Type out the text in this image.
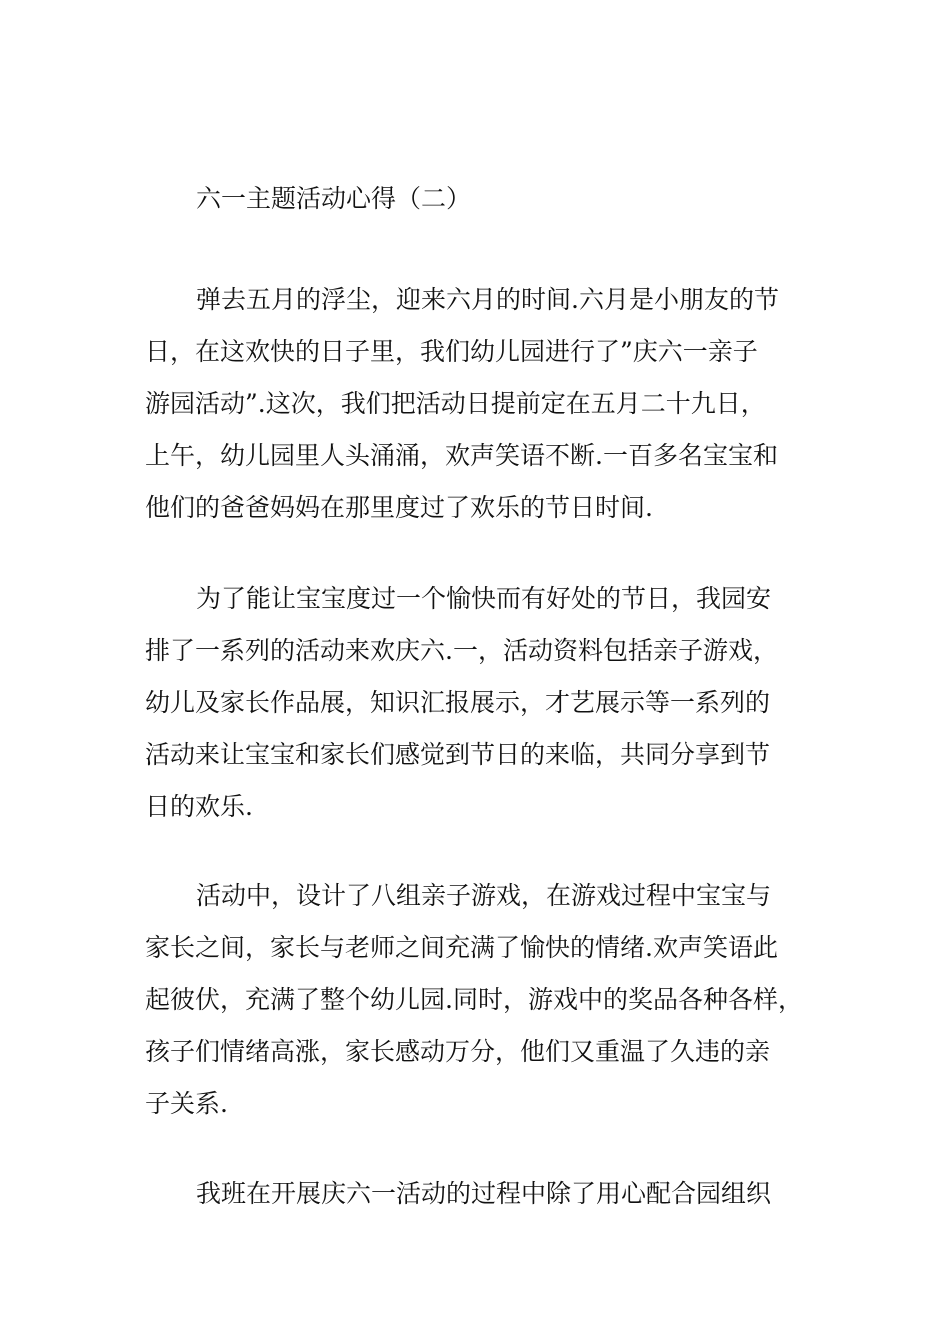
六一主题活动心得（二）
弹去五月的浮尘，迎来六月的时间.六月是小朋友的节
日，在这欢快的日子里，我们幼儿园进行了”庆六一亲子
游园活动”.这次，我们把活动日提前定在五月二十九日，
上午，幼儿园里人头涌涌，欢声笑语不断.一百多名宝宝和
他们的爸爸妈妈在那里度过了欢乐的节日时间.
为了能让宝宝度过一个愉快而有好处的节日，我园安
排了一系列的活动来欢庆六.一，活动资料包括亲子游戏，
幼儿及家长作品展，知识汇报展示，才艺展示等一系列的
活动来让宝宝和家长们感觉到节日的来临，共同分享到节
日的欢乐.
活动中，设计了八组亲子游戏，在游戏过程中宝宝与
家长之间，家长与老师之间充满了愉快的情绪.欢声笑语此
起彼伏，充满了整个幼儿园.同时，游戏中的奖品各种各样，
孩子们情绪高涨，家长感动万分，他们又重温了久违的亲
子关系.
我班在开展庆六一活动的过程中除了用心配合园组织
